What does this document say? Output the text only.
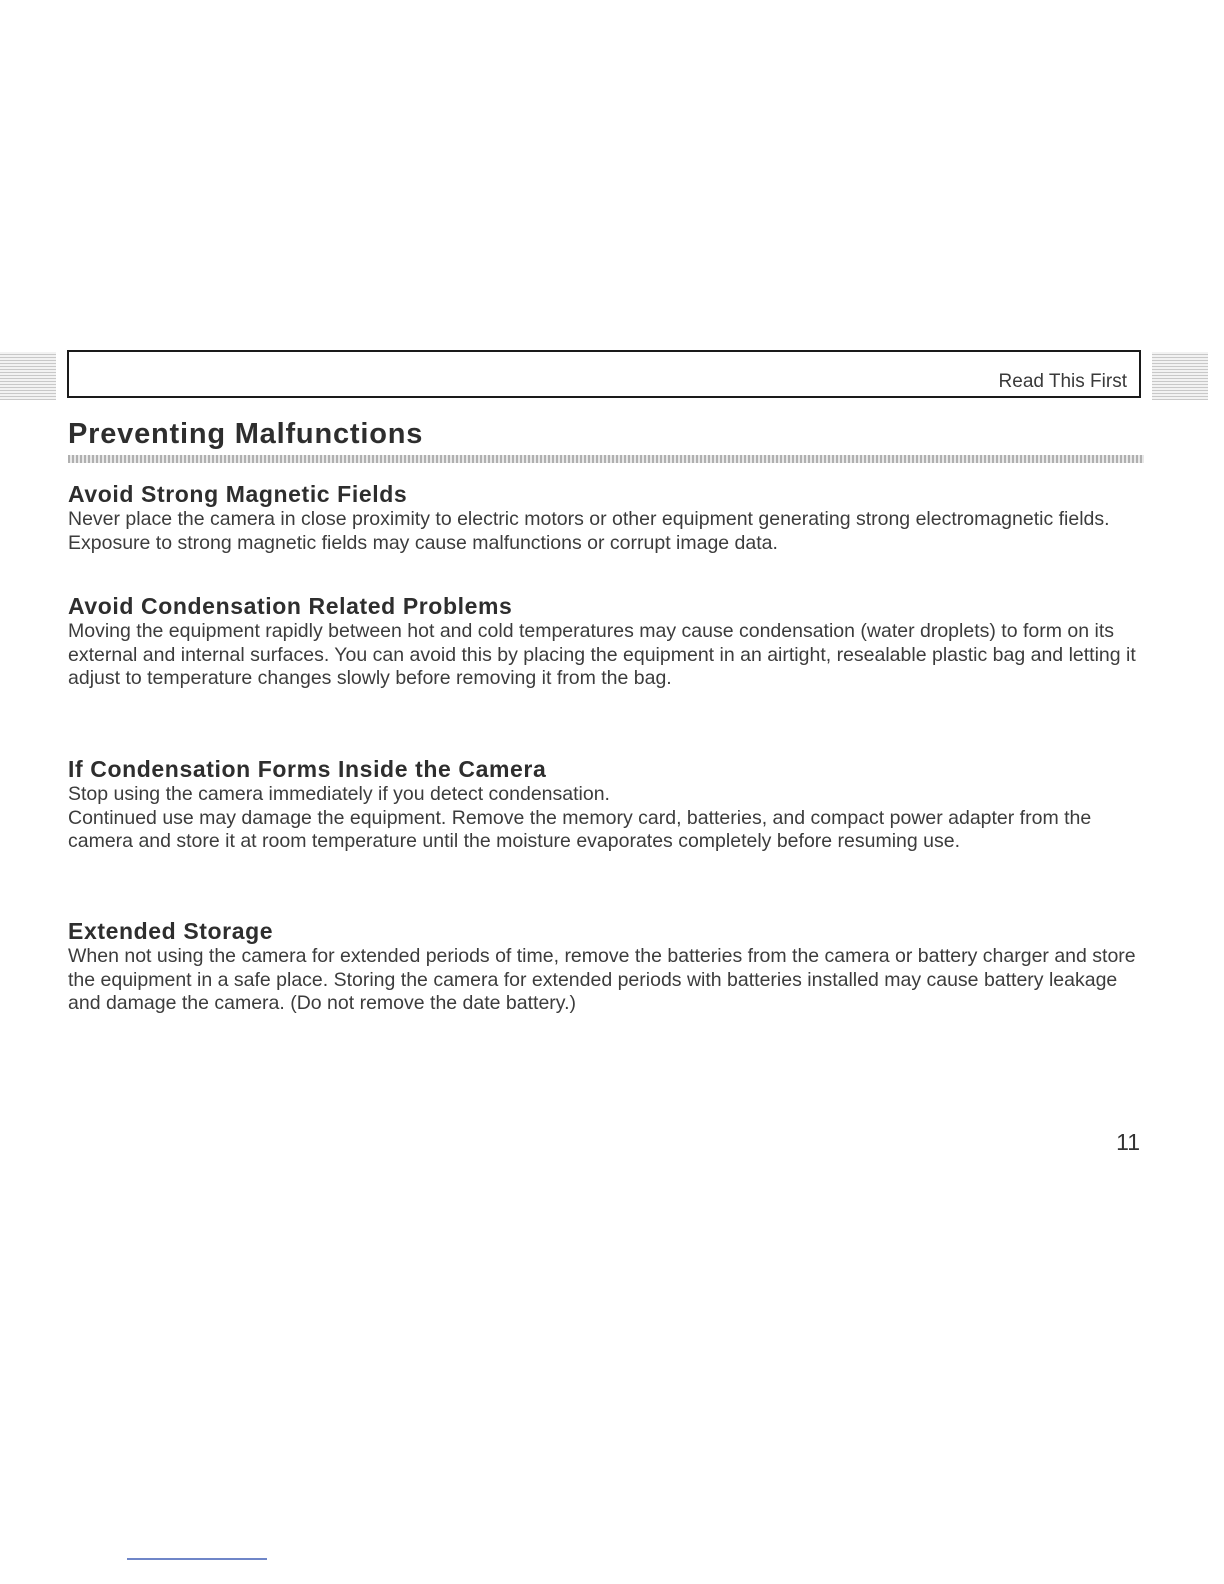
Read This First
Preventing Malfunctions
Avoid Strong Magnetic Fields

Never place the camera in close proximity to electric motors or other equipment generating strong electromagnetic fields. Exposure to strong magnetic fields may cause malfunctions or corrupt image data.

Avoid Condensation Related Problems

Moving the equipment rapidly between hot and cold temperatures may cause condensation (water droplets) to form on its external and internal surfaces. You can avoid this by placing the equipment in an airtight, resealable plastic bag and letting it adjust to temperature changes slowly before removing it from the bag.

If Condensation Forms Inside the Camera

Stop using the camera immediately if you detect condensation.

Continued use may damage the equipment. Remove the memory card, batteries, and compact power adapter from the camera and store it at room temperature until the moisture evaporates completely before resuming use.

Extended Storage

When not using the camera for extended periods of time, remove the batteries from the camera or battery charger and store the equipment in a safe place. Storing the camera for extended periods with batteries installed may cause battery leakage and damage the camera. (Do not remove the date battery.)

11
